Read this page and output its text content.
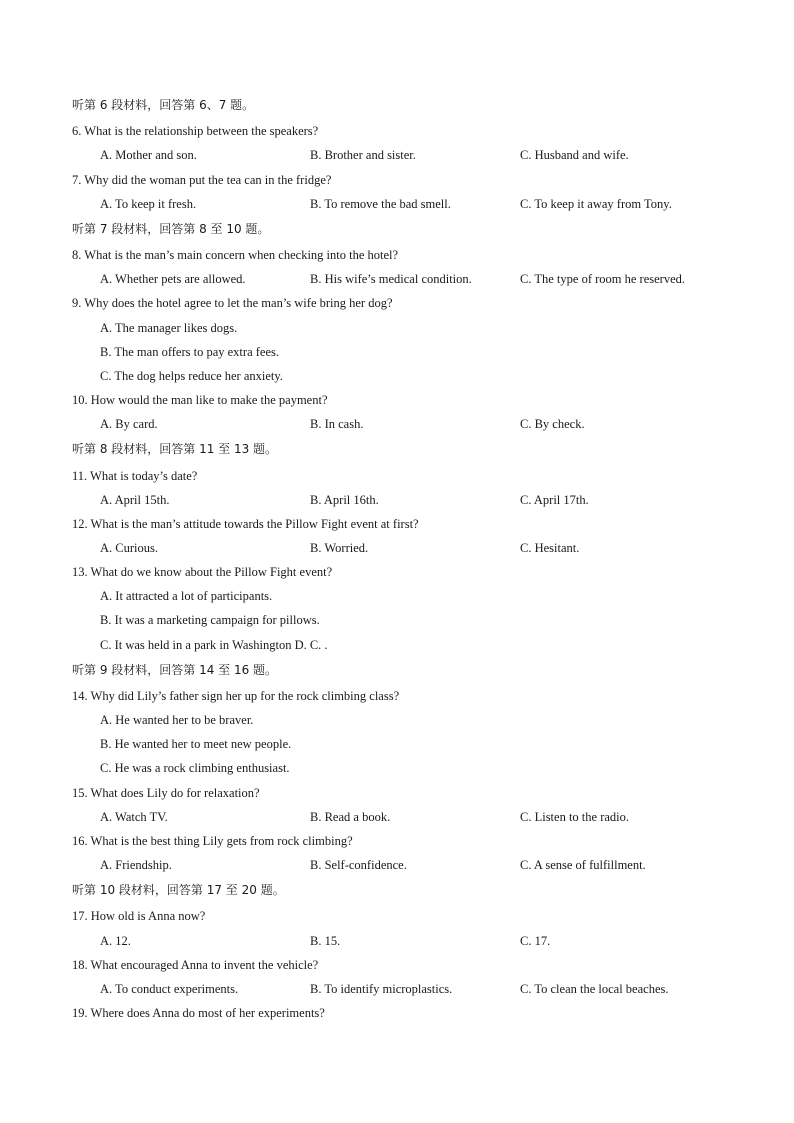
听第 6 段材料，回答第 6、7 题。
6. What is the relationship between the speakers?
A. Mother and son.	B. Brother and sister.	C. Husband and wife.
7. Why did the woman put the tea can in the fridge?
A. To keep it fresh.	B. To remove the bad smell.	C. To keep it away from Tony.
听第 7 段材料，回答第 8 至 10 题。
8. What is the man’s main concern when checking into the hotel?
A. Whether pets are allowed.	B. His wife’s medical condition.	C. The type of room he reserved.
9. Why does the hotel agree to let the man’s wife bring her dog?
A. The manager likes dogs.
B. The man offers to pay extra fees.
C. The dog helps reduce her anxiety.
10. How would the man like to make the payment?
A. By card.	B. In cash.	C. By check.
听第 8 段材料，回答第 11 至 13 题。
11. What is today’s date?
A. April 15th.	B. April 16th.	C. April 17th.
12. What is the man’s attitude towards the Pillow Fight event at first?
A. Curious.	B. Worried.	C. Hesitant.
13. What do we know about the Pillow Fight event?
A. It attracted a lot of participants.
B. It was a marketing campaign for pillows.
C. It was held in a park in Washington D. C. .
听第 9 段材料，回答第 14 至 16 题。
14. Why did Lily’s father sign her up for the rock climbing class?
A. He wanted her to be braver.
B. He wanted her to meet new people.
C. He was a rock climbing enthusiast.
15. What does Lily do for relaxation?
A. Watch TV.	B. Read a book.	C. Listen to the radio.
16. What is the best thing Lily gets from rock climbing?
A. Friendship.	B. Self-confidence.	C. A sense of fulfillment.
听第 10 段材料，回答第 17 至 20 题。
17. How old is Anna now?
A. 12.	B. 15.	C. 17.
18. What encouraged Anna to invent the vehicle?
A. To conduct experiments.	B. To identify microplastics.	C. To clean the local beaches.
19. Where does Anna do most of her experiments?
